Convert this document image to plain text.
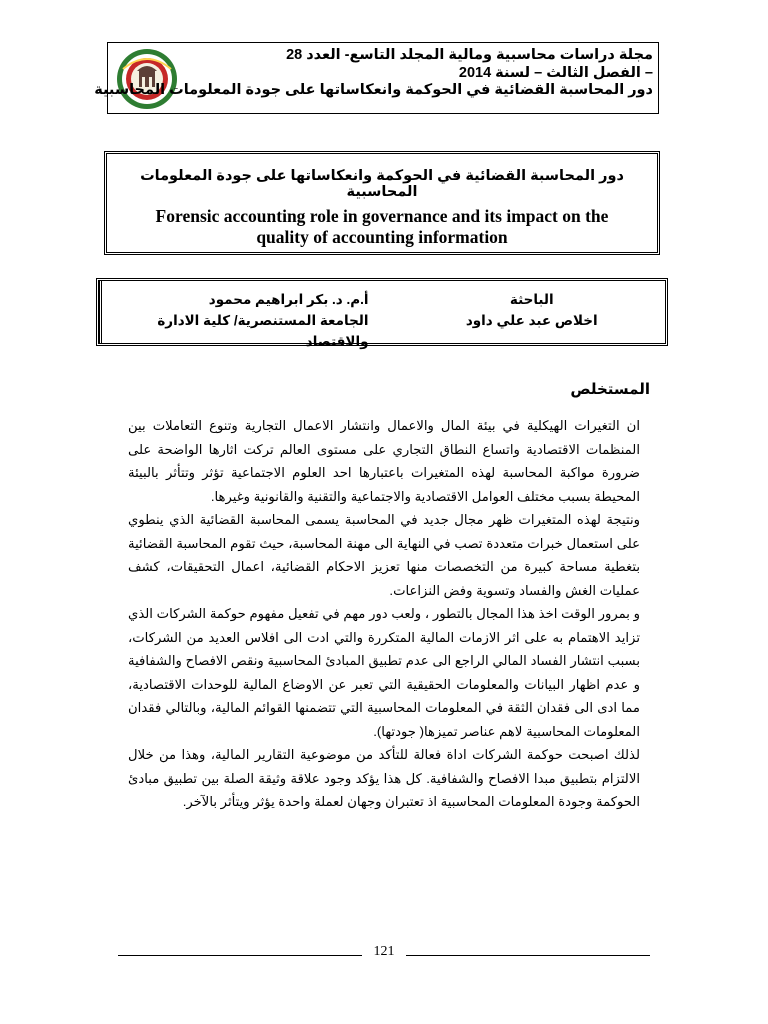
مجلة دراسات محاسبية ومالية المجلد التاسع- العدد 28
– الفصل الثالث – لسنة 2014
دور المحاسبة القضائية في الحوكمة وانعكاساتها على جودة المعلومات المحاسبية
دور المحاسبة القضائية في الحوكمة وانعكاساتها على جودة المعلومات المحاسبية
Forensic accounting role in governance and its impact on the
quality of accounting information
أ.م. د. بكر ابراهيم محمود
الجامعة المستنصرية/ كلية الادارة والاقتصاد
الباحثة
اخلاص عبد علي داود
المستخلص

ان التغيرات الهيكلية في بيئة المال والاعمال وانتشار الاعمال التجارية وتنوع التعاملات بين المنظمات الاقتصادية واتساع النطاق التجاري على مستوى العالم تركت اثارها الواضحة على ضرورة مواكبة المحاسبة لهذه المتغيرات باعتبارها احد العلوم الاجتماعية تؤثر وتتأثر بالبيئة المحيطة بسبب مختلف العوامل الاقتصادية والاجتماعية والتقنية والقانونية وغيرها.

ونتيجة لهذه المتغيرات ظهر مجال جديد في المحاسبة يسمى المحاسبة القضائية الذي ينطوي على استعمال خبرات متعددة تصب في النهاية الى مهنة المحاسبة، حيث تقوم المحاسبة القضائية بتغطية مساحة كبيرة من التخصصات منها تعزيز الاحكام القضائية، اعمال التحقيقات، كشف عمليات الغش والفساد وتسوية وفض النزاعات.

و بمرور الوقت اخذ هذا المجال بالتطور ، ولعب دور مهم في تفعيل مفهوم حوكمة الشركات الذي تزايد الاهتمام به على اثر الازمات المالية المتكررة والتي ادت الى افلاس العديد من الشركات، بسبب انتشار الفساد المالي الراجع الى عدم تطبيق المبادئ المحاسبية ونقص الافصاح والشفافية و عدم اظهار البيانات والمعلومات الحقيقية التي تعبر عن الاوضاع المالية للوحدات الاقتصادية، مما ادى الى فقدان الثقة في المعلومات المحاسبية التي تتضمنها القوائم المالية، وبالتالي فقدان المعلومات المحاسبية لاهم عناصر تميزها( جودتها).

لذلك اصبحت حوكمة الشركات اداة فعالة للتأكد من موضوعية التقارير المالية، وهذا من خلال الالتزام بتطبيق مبدا الافصاح والشفافية. كل هذا يؤكد وجود علاقة وثيقة الصلة بين تطبيق مبادئ الحوكمة وجودة المعلومات المحاسبية اذ تعتبران وجهان لعملة واحدة يؤثر ويتأثر بالآخر.

121
